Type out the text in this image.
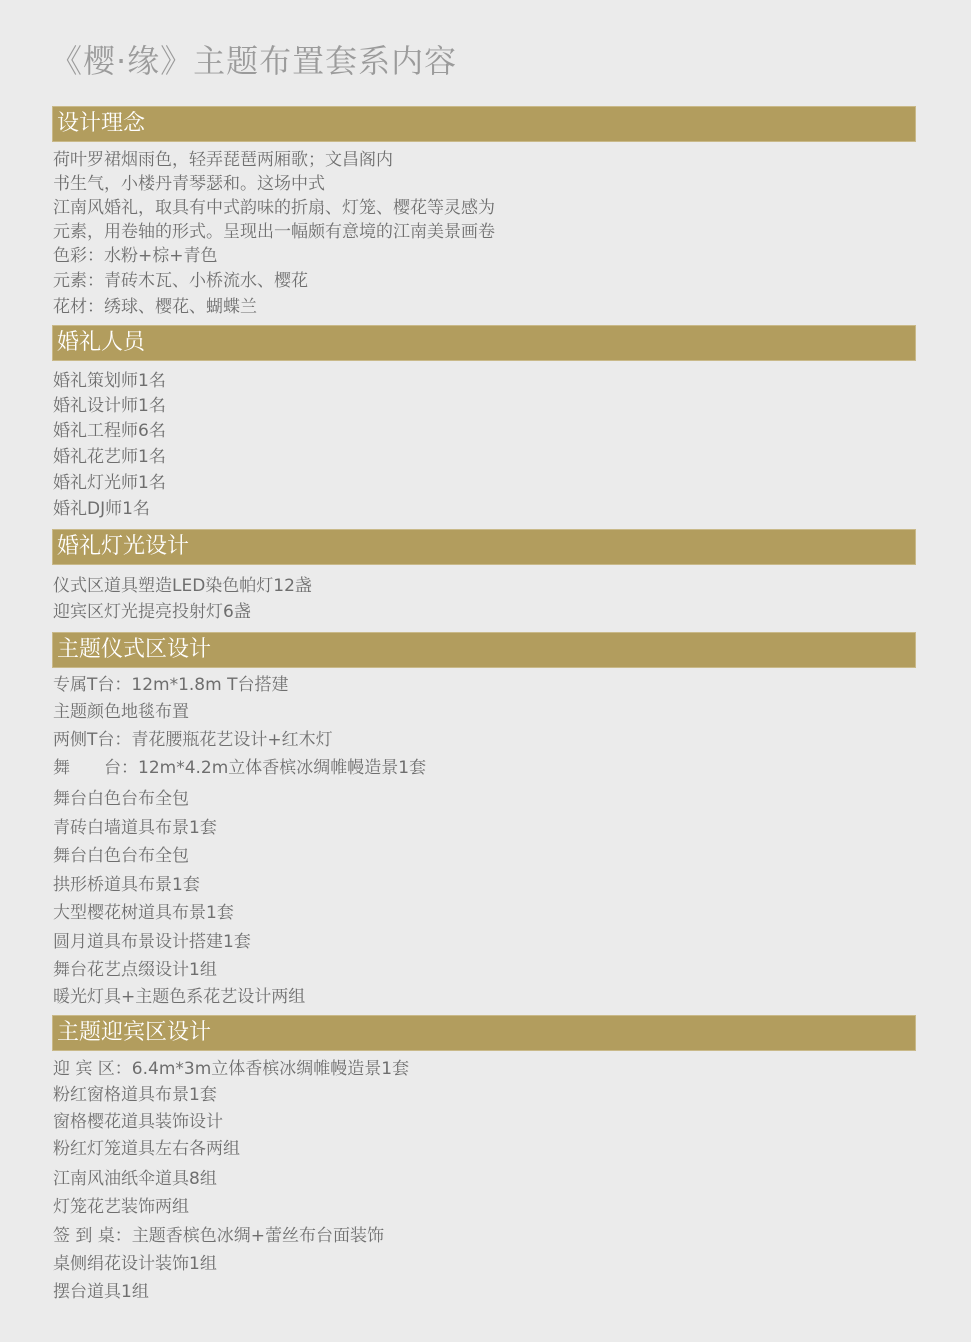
《樱·缘》主题布置套系内容
设计理念
荷叶罗裙烟雨色，轻弄琵琶两厢歌；文昌阁内
书生气，小楼丹青琴瑟和。这场中式
江南风婚礼，取具有中式韵味的折扇、灯笼、樱花等灵感为
元素，用卷轴的形式。呈现出一幅颇有意境的江南美景画卷
色彩：水粉+棕+青色
元素：青砖木瓦、小桥流水、樱花
花材：绣球、樱花、蝴蝶兰
婚礼人员
婚礼策划师1名
婚礼设计师1名
婚礼工程师6名
婚礼花艺师1名
婚礼灯光师1名
婚礼DJ师1名
婚礼灯光设计
仪式区道具塑造LED染色帕灯12盏
迎宾区灯光提亮投射灯6盏
主题仪式区设计
专属T台：12m*1.8m T台搭建
主题颜色地毯布置
两侧T台：青花腰瓶花艺设计+红木灯
舞　　台：12m*4.2m立体香槟冰绸帷幔造景1套
舞台白色台布全包
青砖白墙道具布景1套
舞台白色台布全包
拱形桥道具布景1套
大型樱花树道具布景1套
圆月道具布景设计搭建1套
舞台花艺点缀设计1组
暖光灯具+主题色系花艺设计两组
主题迎宾区设计
迎 宾 区：6.4m*3m立体香槟冰绸帷幔造景1套
粉红窗格道具布景1套
窗格樱花道具装饰设计
粉红灯笼道具左右各两组
江南风油纸伞道具8组
灯笼花艺装饰两组
签 到 桌：主题香槟色冰绸+蕾丝布台面装饰
桌侧绢花设计装饰1组
摆台道具1组
